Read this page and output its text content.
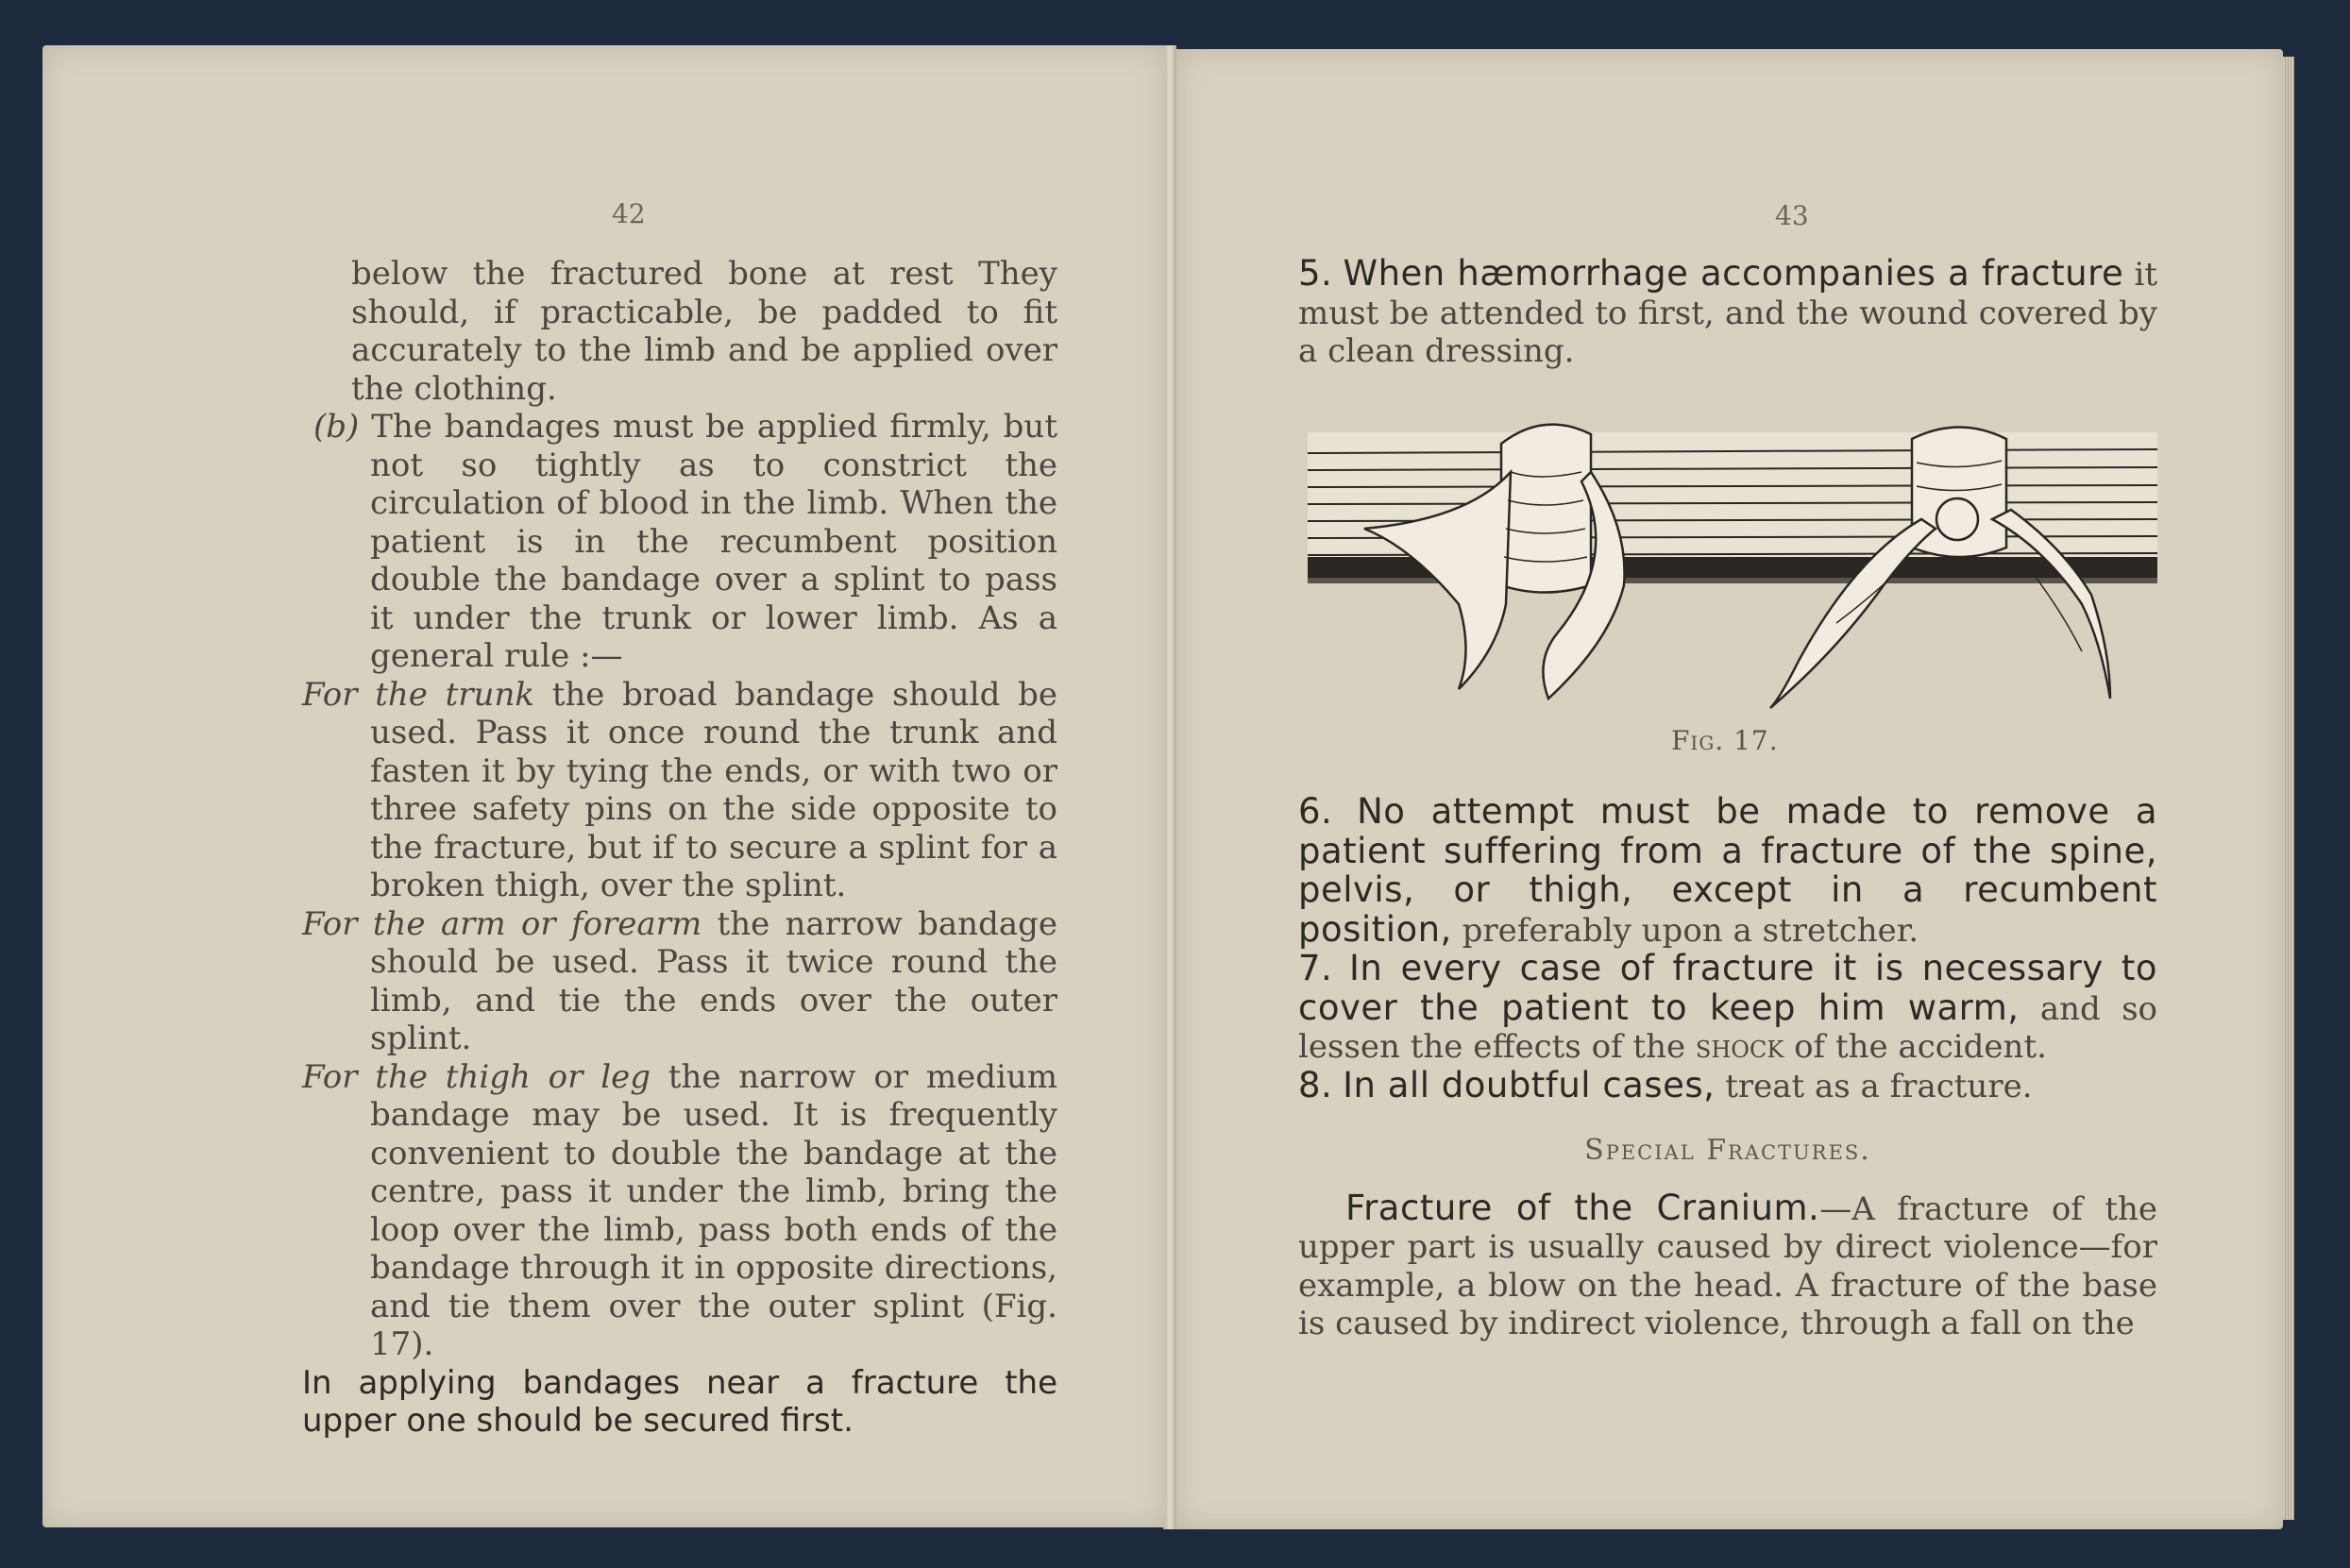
42	43

below the fractured bone at rest They should, if practicable, be padded to fit accurately to the limb and be applied over the clothing.

(b) The bandages must be applied firmly, but not so tightly as to constrict the circulation of blood in the limb. When the patient is in the recumbent position double the bandage over a splint to pass it under the trunk or lower limb. As a general rule :—

For the trunk the broad bandage should be used. Pass it once round the trunk and fasten it by tying the ends, or with two or three safety pins on the side opposite to the fracture, but if to secure a splint for a broken thigh, over the splint.

For the arm or forearm the narrow bandage should be used. Pass it twice round the limb, and tie the ends over the outer splint.

For the thigh or leg the narrow or medium bandage may be used. It is frequently convenient to double the bandage at the centre, pass it under the limb, bring the loop over the limb, pass both ends of the bandage through it in opposite directions, and tie them over the outer splint (Fig. 17).

In applying bandages near a fracture the upper one should be secured first.

5. When hæmorrhage accompanies a fracture it must be attended to first, and the wound covered by a clean dressing.

Fig. 17.

6. No attempt must be made to remove a patient suffering from a fracture of the spine, pelvis, or thigh, except in a recumbent position, preferably upon a stretcher.

7. In every case of fracture it is necessary to cover the patient to keep him warm, and so lessen the effects of the shock of the accident.

8. In all doubtful cases, treat as a fracture.

Special Fractures.

Fracture of the Cranium.—A fracture of the upper part is usually caused by direct violence—for example, a blow on the head. A fracture of the base is caused by indirect violence, through a fall on the
